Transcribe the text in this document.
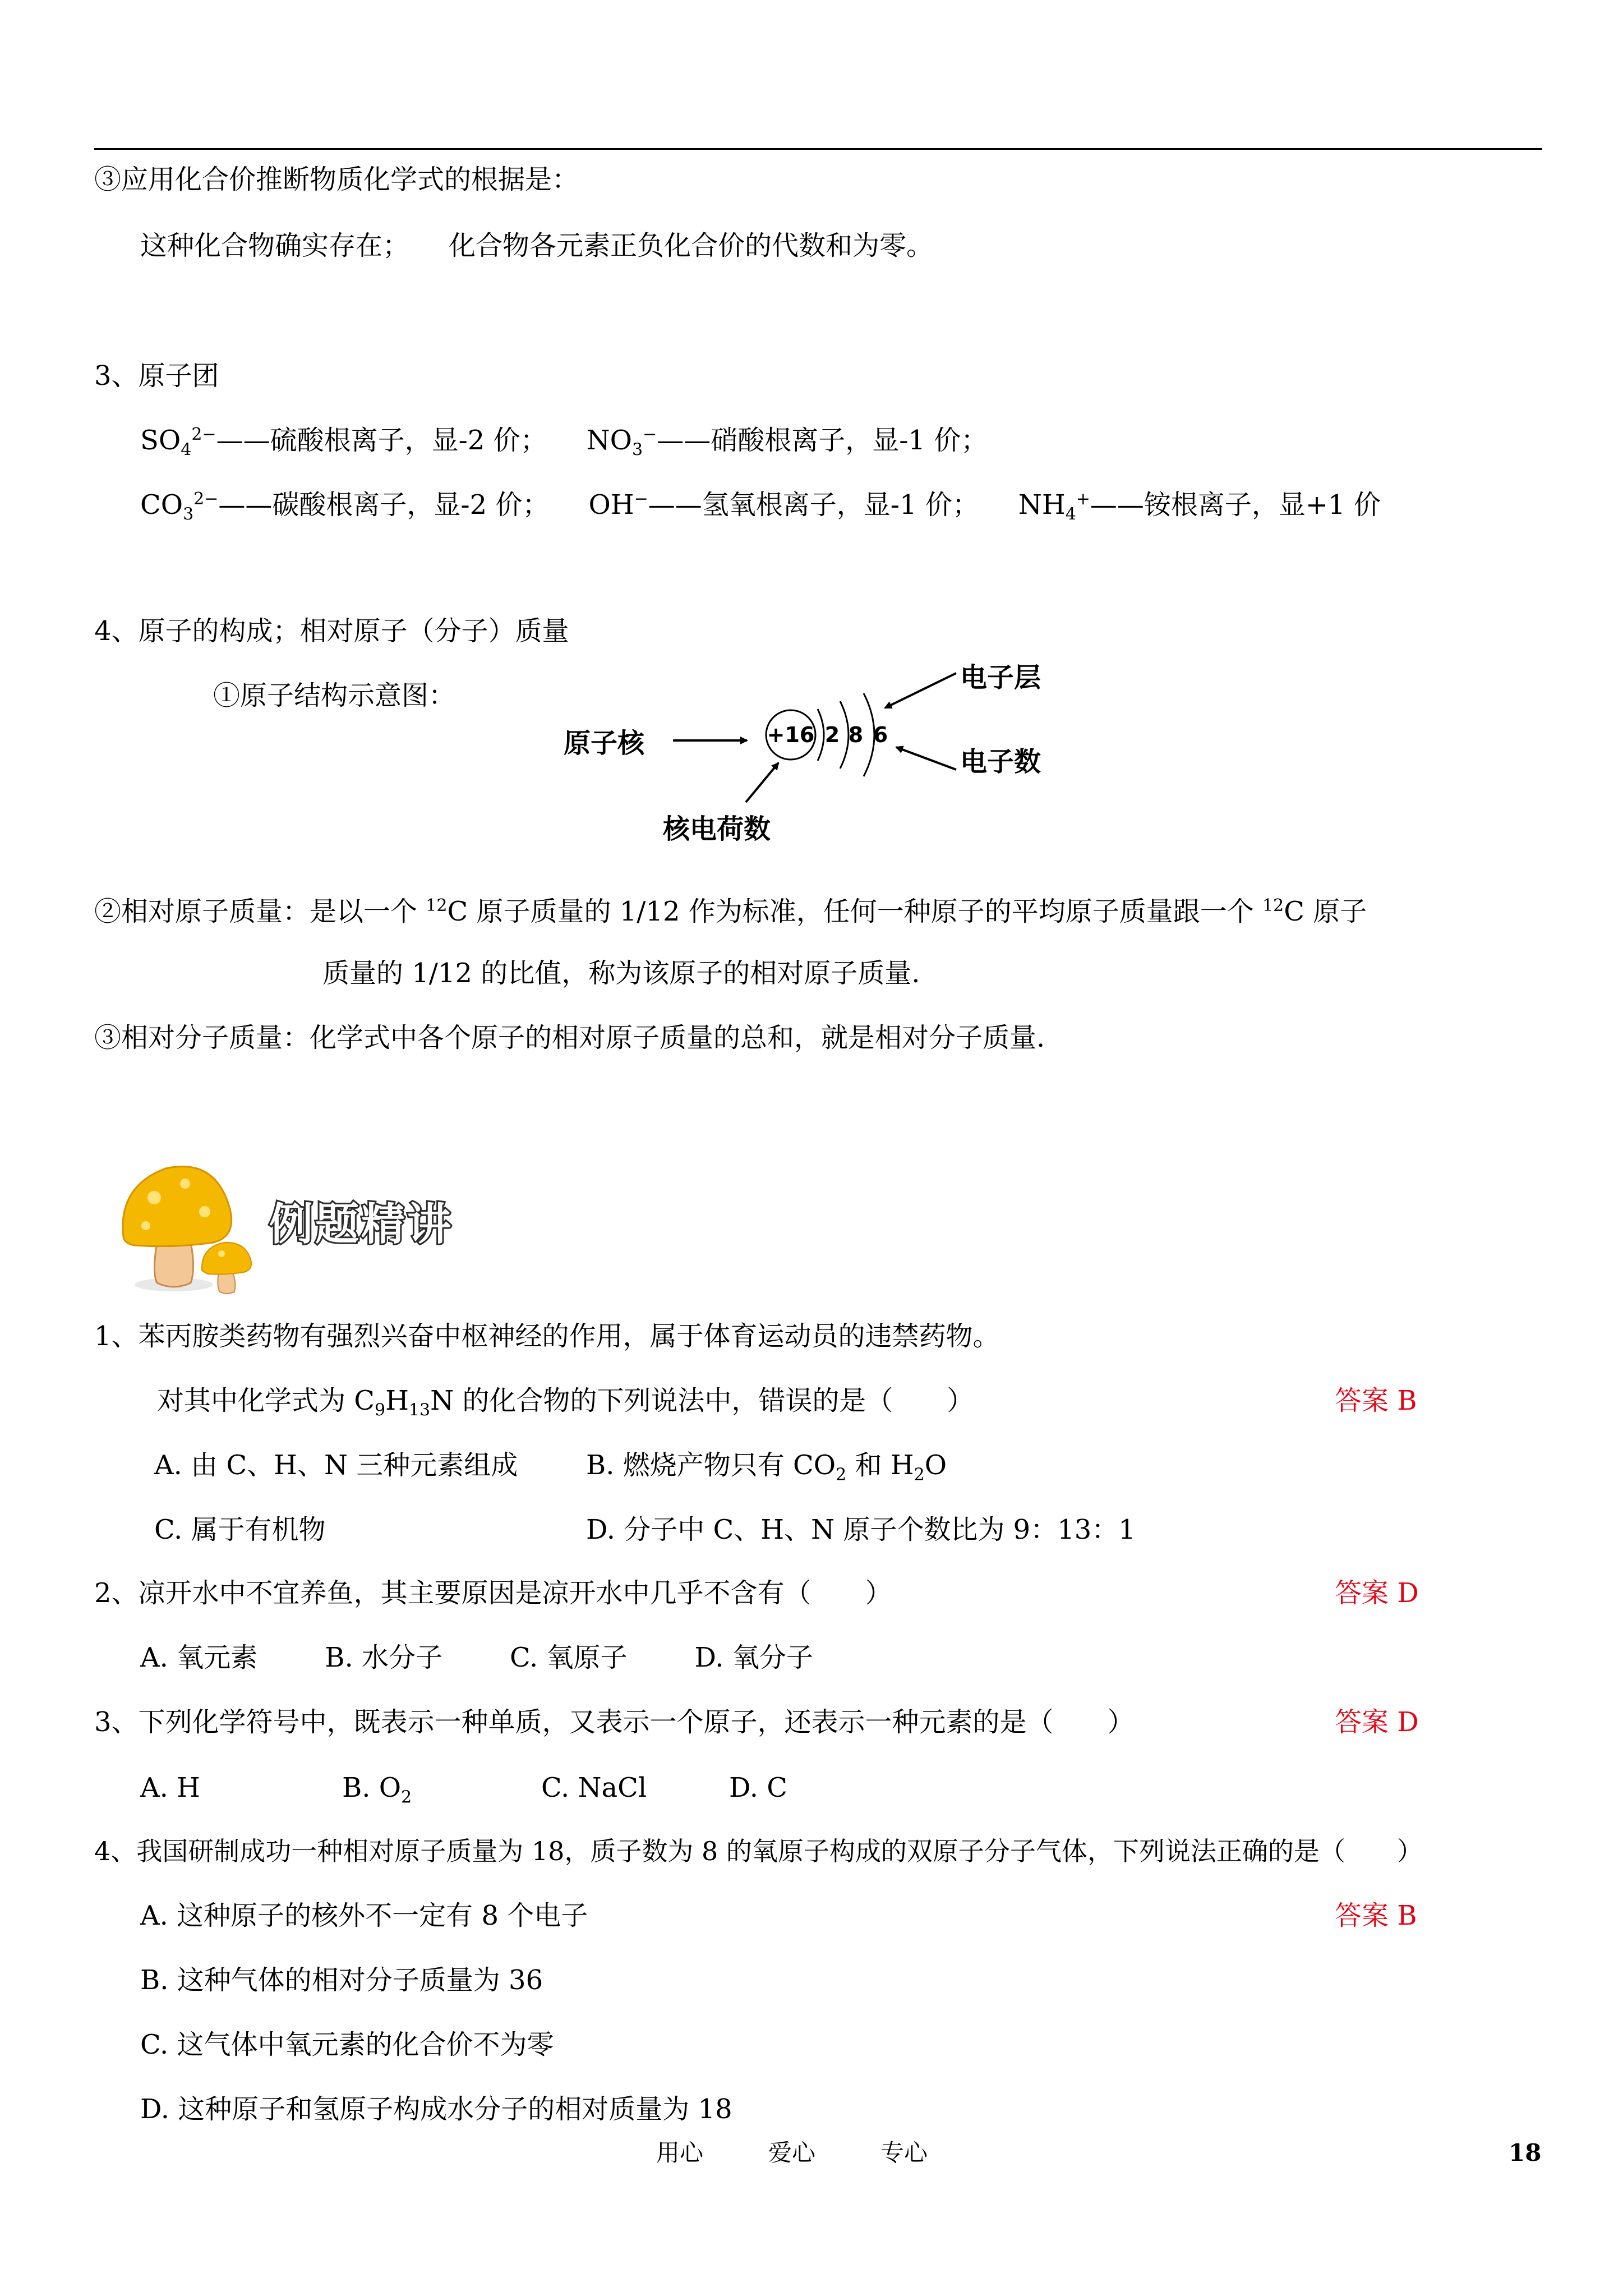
③应用化合价推断物质化学式的根据是：
这种化合物确实存在； 化合物各元素正负化合价的代数和为零。
3、原子团
$SO_4^{2-}——$硫酸根离子，显-2 价； $NO_3^-——$硝酸根离子，显-1 价；
$CO_3^{2-}——$碳酸根离子，显-2 价； OH−——氢氧根离子，显-1 价； $NH_4^+——$铵根离子，显+1 价
4、原子的构成；相对原子（分子）质量
①原子结构示意图：
原子核
电子层
电子数
核电荷数
+16 2 8 6
②相对原子质量：是以一个 $^{12}$C 原子质量的 1/12 作为标准，任何一种原子的平均原子质量跟一个 $^{12}$C 原子
质量的 1/12 的比值，称为该原子的相对原子质量.
③相对分子质量：化学式中各个原子的相对原子质量的总和，就是相对分子质量.
例题精讲
1、苯丙胺类药物有强烈兴奋中枢神经的作用，属于体育运动员的违禁药物。
对其中化学式为 $C_9H_{13}N$ 的化合物的下列说法中，错误的是（　　）	答案 B
A. 由 C、H、N 三种元素组成	B. 燃烧产物只有 $CO_2$ 和 $H_2O$
C. 属于有机物	D. 分子中 C、H、N 原子个数比为 9：13：1
2、凉开水中不宜养鱼，其主要原因是凉开水中几乎不含有（　　）	答案 D
A. 氧元素	B. 水分子	C. 氧原子	D. 氧分子
3、下列化学符号中，既表示一种单质，又表示一个原子，还表示一种元素的是（　　）	答案 D
A. H	B. $O_2$	C. NaCl	D. C
4、我国研制成功一种相对原子质量为 18，质子数为 8 的氧原子构成的双原子分子气体，下列说法正确的是（　　）
A. 这种原子的核外不一定有 8 个电子	答案 B
B. 这种气体的相对分子质量为 36
C. 这气体中氧元素的化合价不为零
D. 这种原子和氢原子构成水分子的相对质量为 18
用心	爱心	专心	18
